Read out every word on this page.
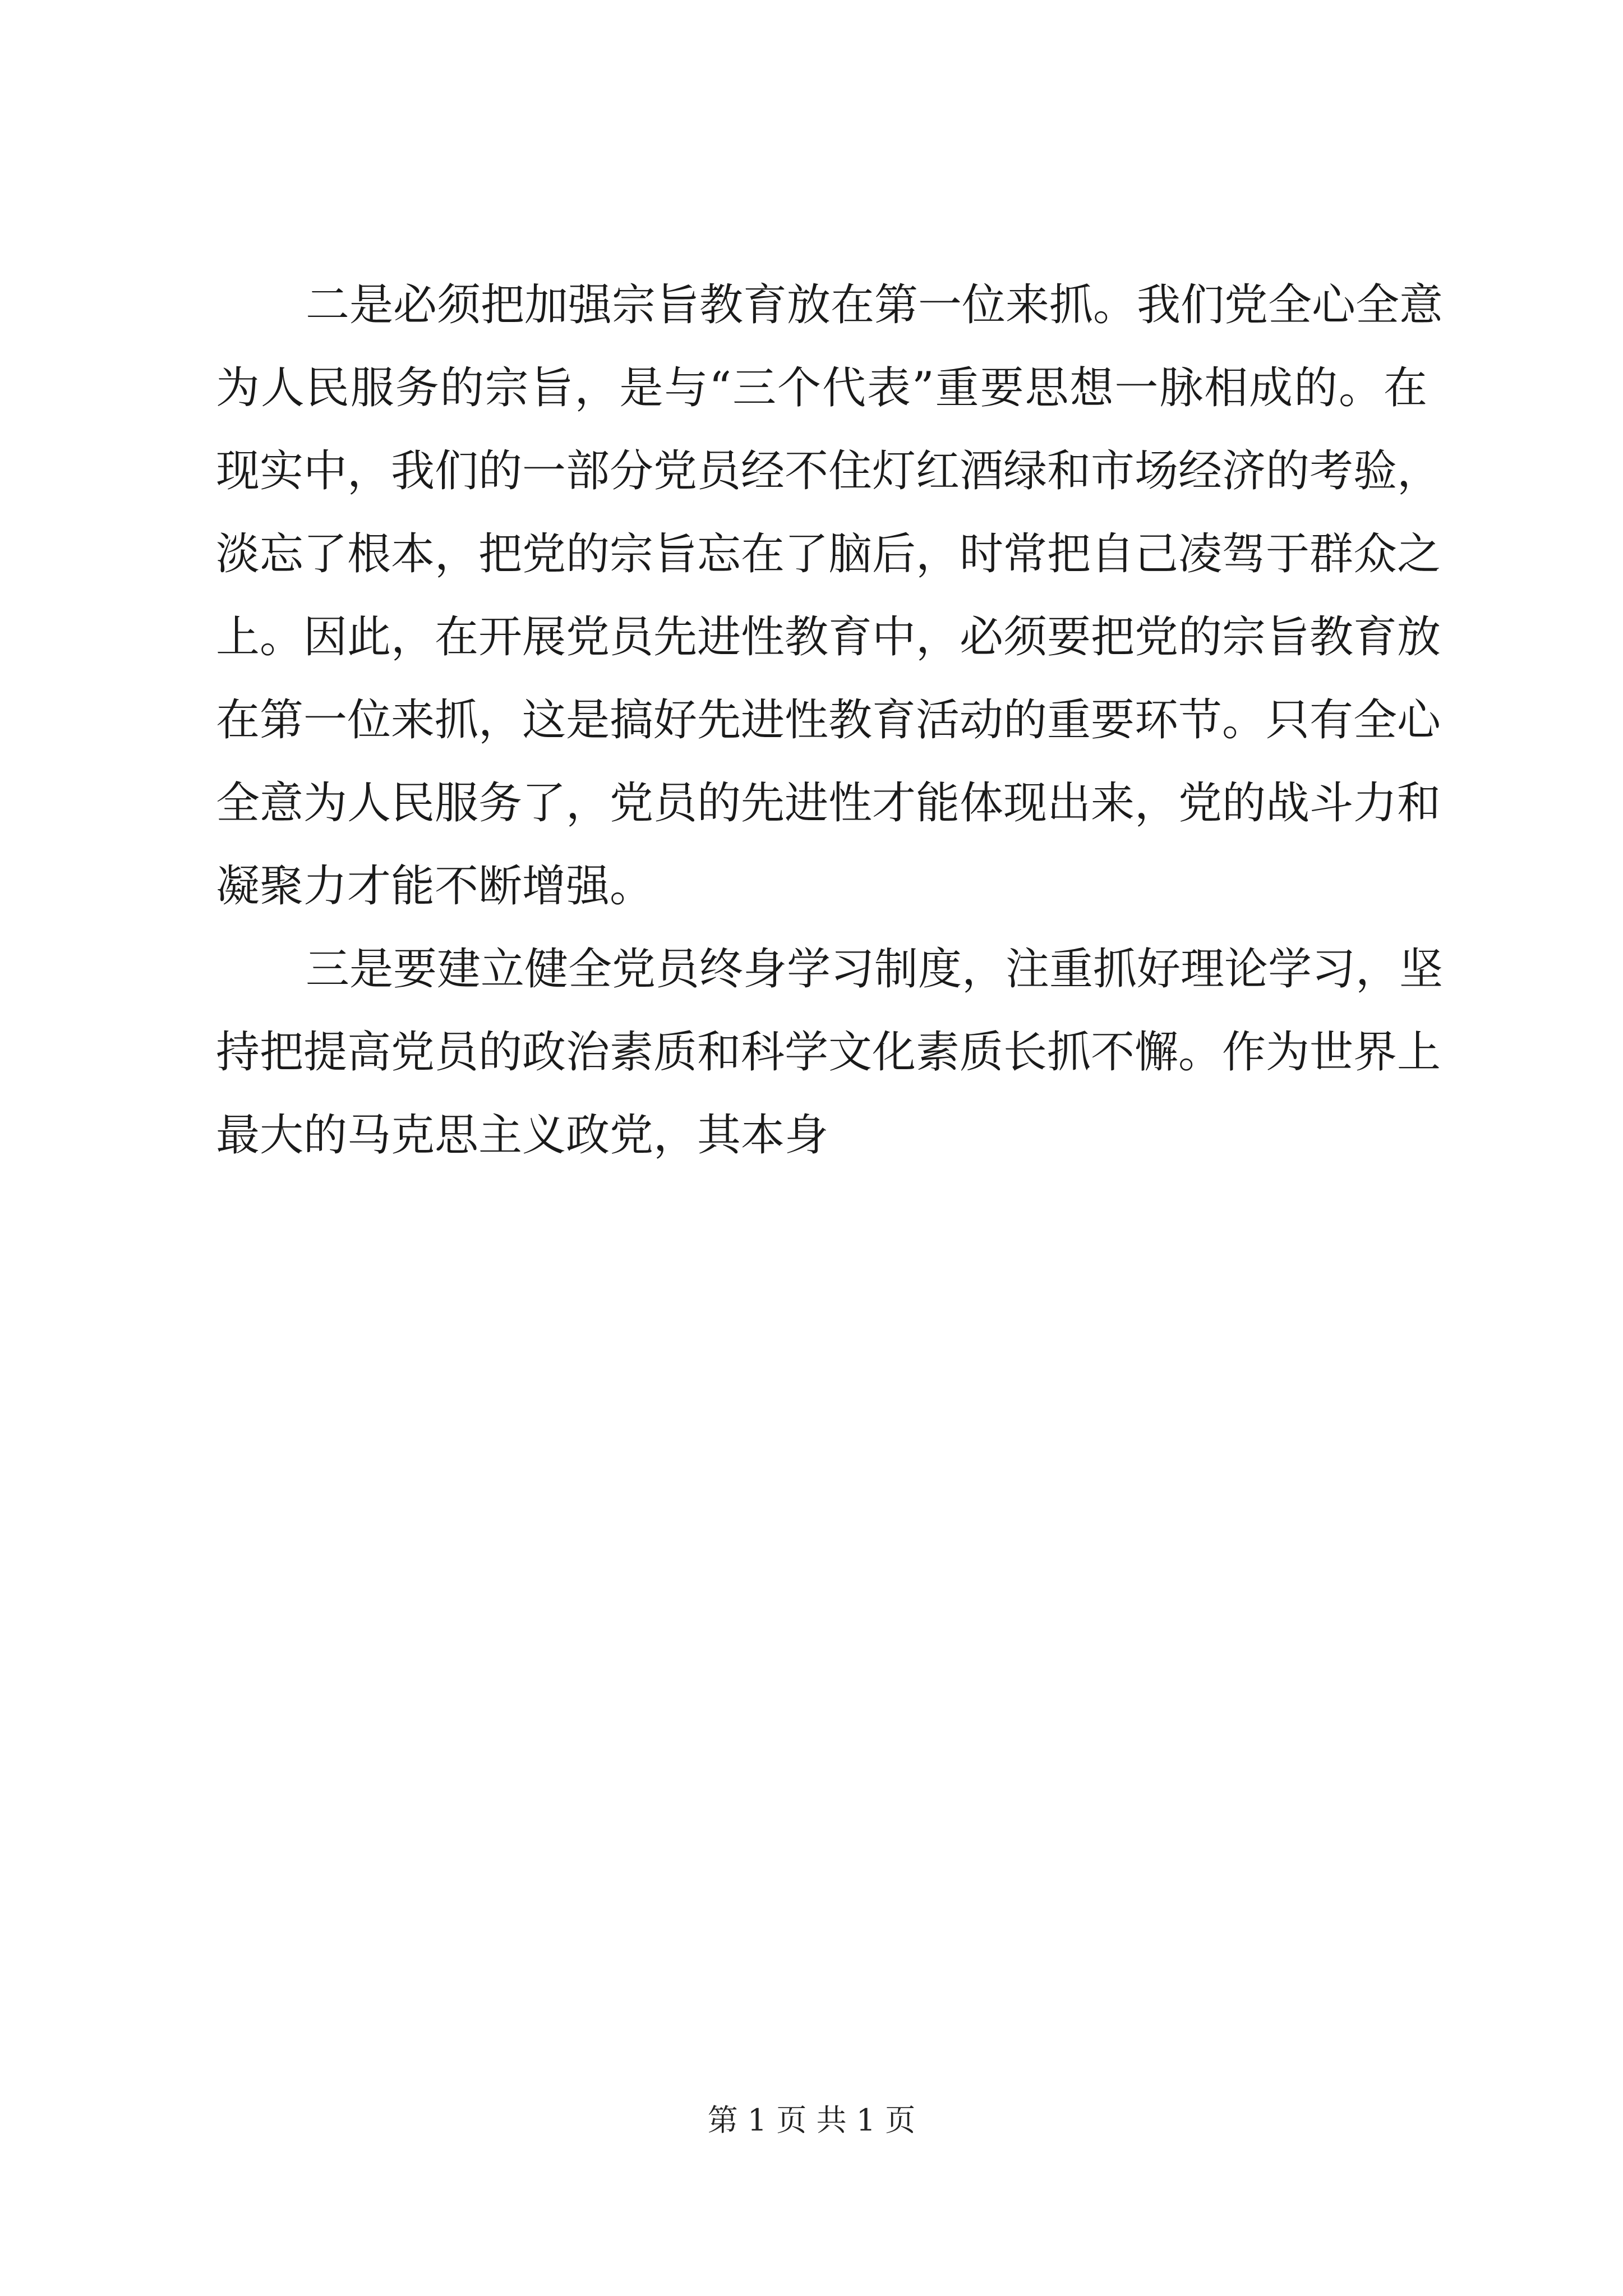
二是必须把加强宗旨教育放在第一位来抓。我们党全心全意
为人民服务的宗旨，是与“三个代表”重要思想一脉相成的。在
现实中，我们的一部分党员经不住灯红酒绿和市场经济的考验，
淡忘了根本，把党的宗旨忘在了脑后，时常把自己凌驾于群众之
上。因此，在开展党员先进性教育中，必须要把党的宗旨教育放
在第一位来抓，这是搞好先进性教育活动的重要环节。只有全心
全意为人民服务了，党员的先进性才能体现出来，党的战斗力和
凝聚力才能不断增强。
三是要建立健全党员终身学习制度，注重抓好理论学习，坚
持把提高党员的政治素质和科学文化素质长抓不懈。作为世界上
最大的马克思主义政党，其本身
第 1 页 共 1 页
